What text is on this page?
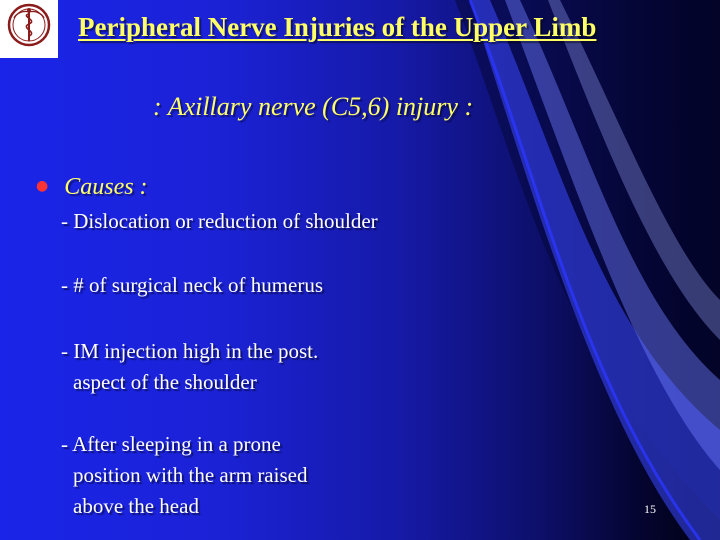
Peripheral Nerve Injuries of the Upper Limb
: Axillary nerve (C5,6) injury :
● Causes :
- Dislocation or reduction of shoulder
- # of surgical neck of humerus
- IM injection high in the post.
aspect of the shoulder
- After sleeping in a prone
position with the arm raised
above the head	15
